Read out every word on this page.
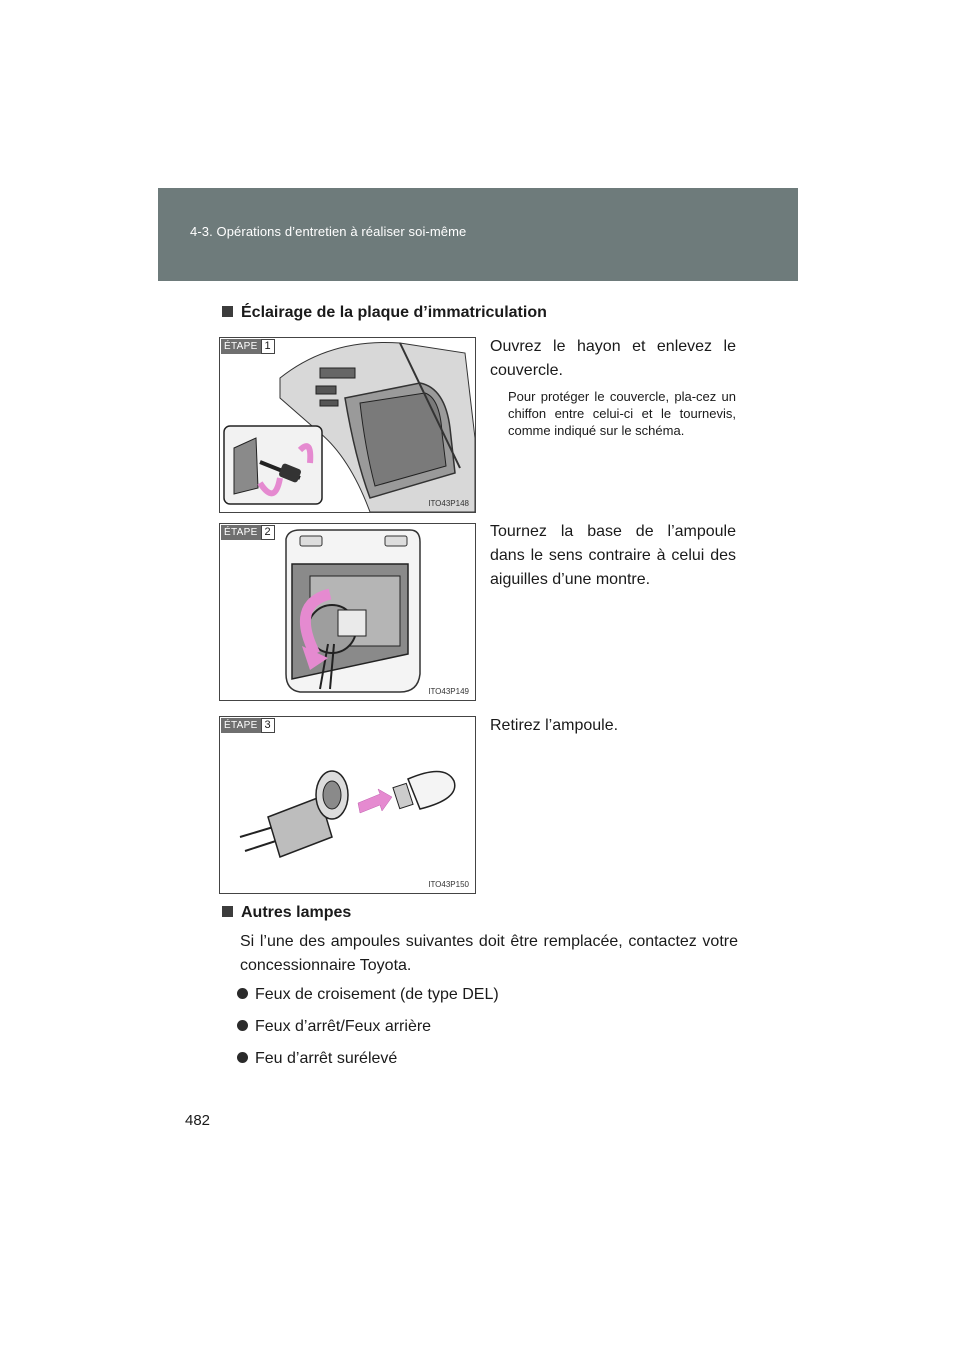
4-3. Opérations d’entretien à réaliser soi-même
Éclairage de la plaque d’immatriculation
ÉTAPE 1
ITO43P148
Ouvrez le hayon et enlevez le couvercle.
Pour protéger le couvercle, pla-cez un chiffon entre celui-ci et le tournevis, comme indiqué sur le schéma.
ÉTAPE 2
ITO43P149
Tournez la base de l’ampoule dans le sens contraire à celui des aiguilles d’une montre.
ÉTAPE 3
ITO43P150
Retirez l’ampoule.
Autres lampes
Si l’une des ampoules suivantes doit être remplacée, contactez votre concessionnaire Toyota.
Feux de croisement (de type DEL)
Feux d’arrêt/Feux arrière
Feu d’arrêt surélevé
482
